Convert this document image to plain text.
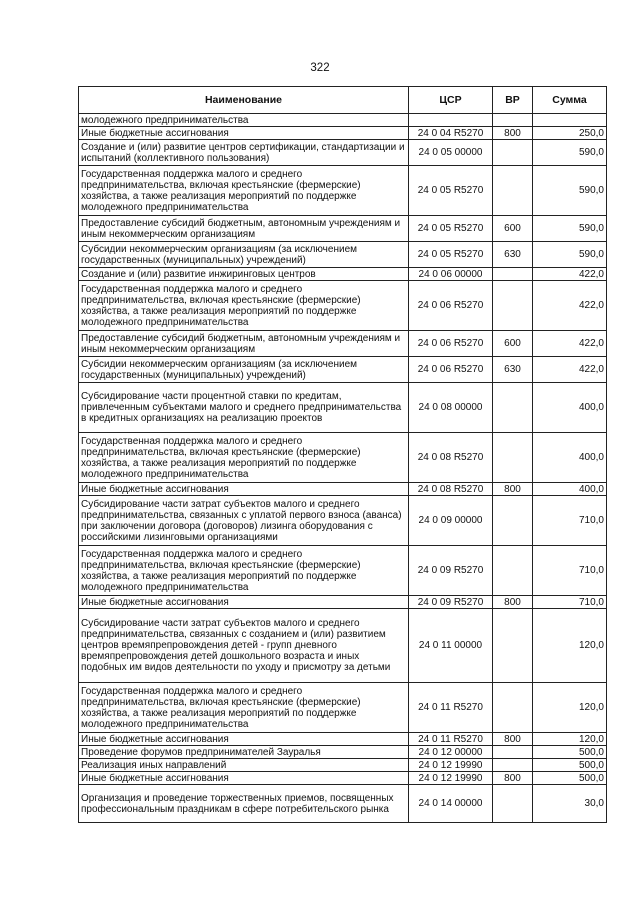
322
Наименование	ЦСР	ВР	Сумма
молодежного предпринимательства			
Иные бюджетные ассигнования	24 0 04 R5270	800	250,0
Создание и (или) развитие центров сертификации, стандартизации и испытаний (коллективного пользования)	24 0 05 00000		590,0
Государственная поддержка малого и среднего предпринимательства, включая крестьянские (фермерские) хозяйства, а также реализация мероприятий по поддержке молодежного предпринимательства	24 0 05 R5270		590,0
Предоставление субсидий бюджетным, автономным учреждениям и иным некоммерческим организациям	24 0 05 R5270	600	590,0
Субсидии некоммерческим организациям (за исключением государственных (муниципальных) учреждений)	24 0 05 R5270	630	590,0
Создание и (или) развитие инжиринговых центров	24 0 06 00000		422,0
Государственная поддержка малого и среднего предпринимательства, включая крестьянские (фермерские) хозяйства, а также реализация мероприятий по поддержке молодежного предпринимательства	24 0 06 R5270		422,0
Предоставление субсидий бюджетным, автономным учреждениям и иным некоммерческим организациям	24 0 06 R5270	600	422,0
Субсидии некоммерческим организациям (за исключением государственных (муниципальных) учреждений)	24 0 06 R5270	630	422,0
Субсидирование части процентной ставки по кредитам, привлеченным субъектами малого и среднего предпринимательства в кредитных организациях на реализацию проектов	24 0 08 00000		400,0
Государственная поддержка малого и среднего предпринимательства, включая крестьянские (фермерские) хозяйства, а также реализация мероприятий по поддержке молодежного предпринимательства	24 0 08 R5270		400,0
Иные бюджетные ассигнования	24 0 08 R5270	800	400,0
Субсидирование части затрат субъектов малого и среднего предпринимательства, связанных с уплатой первого взноса (аванса) при заключении договора (договоров) лизинга оборудования с российскими лизинговыми организациями	24 0 09 00000		710,0
Государственная поддержка малого и среднего предпринимательства, включая крестьянские (фермерские) хозяйства, а также реализация мероприятий по поддержке молодежного предпринимательства	24 0 09 R5270		710,0
Иные бюджетные ассигнования	24 0 09 R5270	800	710,0
Субсидирование части затрат субъектов малого и среднего предпринимательства, связанных с созданием и (или) развитием центров времяпрепровождения детей - групп дневного времяпрепровождения детей дошкольного возраста и иных подобных им видов деятельности по уходу и присмотру за детьми	24 0 11 00000		120,0
Государственная поддержка малого и среднего предпринимательства, включая крестьянские (фермерские) хозяйства, а также реализация мероприятий по поддержке молодежного предпринимательства	24 0 11 R5270		120,0
Иные бюджетные ассигнования	24 0 11 R5270	800	120,0
Проведение форумов предпринимателей Зауралья	24 0 12 00000		500,0
Реализация иных направлений	24 0 12 19990		500,0
Иные бюджетные ассигнования	24 0 12 19990	800	500,0
Организация и проведение торжественных приемов, посвященных профессиональным праздникам в сфере потребительского рынка	24 0 14 00000		30,0
